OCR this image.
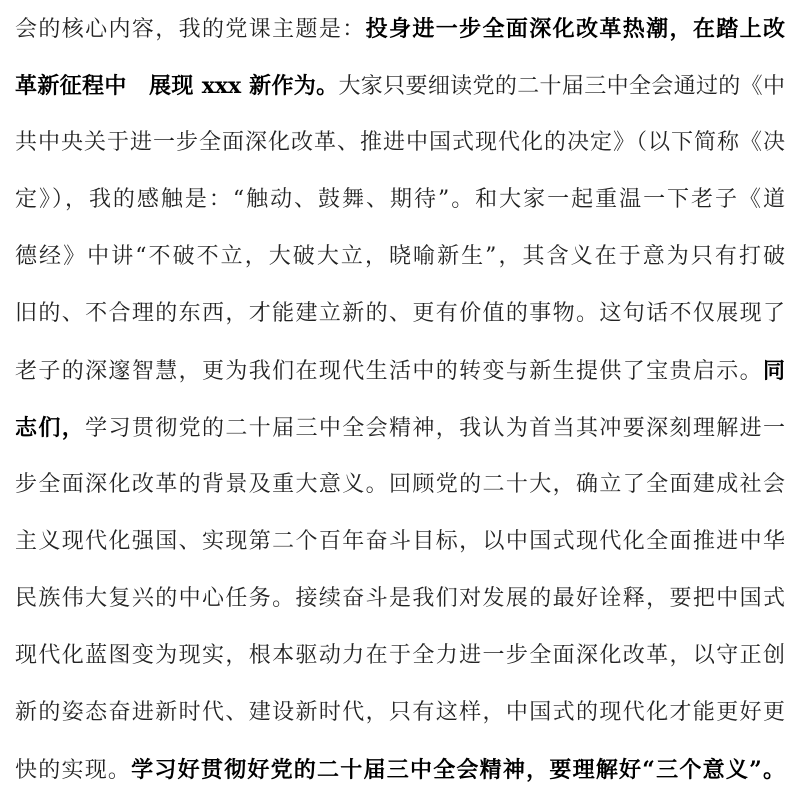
会的核心内容，我的党课主题是：投身进一步全面深化改革热潮，在踏上改
革新征程中　展现 xxx 新作为。大家只要细读党的二十届三中全会通过的《中
共中央关于进一步全面深化改革、推进中国式现代化的决定》（以下简称《决
定》），我的感触是：“触动、鼓舞、期待”。和大家一起重温一下老子《道
德经》中讲“不破不立，大破大立，晓喻新生”，其含义在于意为只有打破
旧的、不合理的东西，才能建立新的、更有价值的事物。这句话不仅展现了
老子的深邃智慧，更为我们在现代生活中的转变与新生提供了宝贵启示。同
志们，学习贯彻党的二十届三中全会精神，我认为首当其冲要深刻理解进一
步全面深化改革的背景及重大意义。回顾党的二十大，确立了全面建成社会
主义现代化强国、实现第二个百年奋斗目标，以中国式现代化全面推进中华
民族伟大复兴的中心任务。接续奋斗是我们对发展的最好诠释，要把中国式
现代化蓝图变为现实，根本驱动力在于全力进一步全面深化改革，以守正创
新的姿态奋进新时代、建设新时代，只有这样，中国式的现代化才能更好更
快的实现。学习好贯彻好党的二十届三中全会精神，要理解好“三个意义”。
